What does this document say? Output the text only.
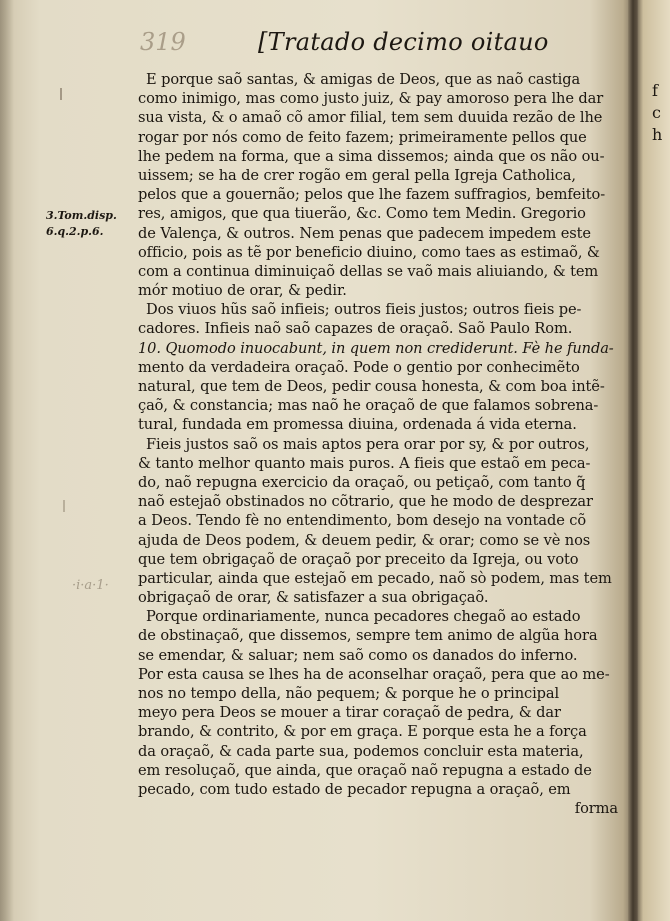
·i·a·1·
319	[Tratado decimo oitauo
3.Tom.disp.
6.q.2.p.6.
f
c
h
E porque saõ santas, & amigas de Deos, que as naõ castiga
como inimigo, mas como justo juiz, & pay amoroso pera lhe dar
sua vista, & o amaõ cõ amor filial, tem sem duuida rezão de lhe
rogar por nós como de feito fazem; primeiramente pellos que
lhe pedem na forma, que a sima dissemos; ainda que os não ou-
uissem; se ha de crer rogão em geral pella Igreja Catholica,
pelos que a gouernão; pelos que lhe fazem suffragios, bemfeito-
res, amigos, que qua tiuerão, &c. Como tem Medin. Gregorio
de Valença, & outros. Nem penas que padecem impedem este
officio, pois as tẽ por beneficio diuino, como taes as estimaõ, &
com a continua diminuiçaõ dellas se vaõ mais aliuiando, & tem
mór motiuo de orar, & pedir.
Dos viuos hũs saõ infieis; outros fieis justos; outros fieis pe-
cadores. Infieis naõ saõ capazes de oraçaõ. Saõ Paulo Rom.
10. Quomodo inuocabunt, in quem non crediderunt. Fè he funda-
mento da verdadeira oraçaõ. Pode o gentio por conhecimẽto
natural, que tem de Deos, pedir cousa honesta, & com boa intẽ-
çaõ, & constancia; mas naõ he oraçaõ de que falamos sobrena-
tural, fundada em promessa diuina, ordenada á vida eterna.
Fieis justos saõ os mais aptos pera orar por sy, & por outros,
& tanto melhor quanto mais puros. A fieis que estaõ em peca-
do, naõ repugna exercicio da oraçaõ, ou petiçaõ, com tanto q̃
naõ estejaõ obstinados no cõtrario, que he modo de desprezar
a Deos. Tendo fè no entendimento, bom desejo na vontade cõ
ajuda de Deos podem, & deuem pedir, & orar; como se vè nos
que tem obrigaçaõ de oraçaõ por preceito da Igreja, ou voto
particular, ainda que estejaõ em pecado, naõ sò podem, mas tem
obrigaçaõ de orar, & satisfazer a sua obrigaçaõ.
Porque ordinariamente, nunca pecadores chegaõ ao estado
de obstinaçaõ, que dissemos, sempre tem animo de algũa hora
se emendar, & saluar; nem saõ como os danados do inferno.
Por esta causa se lhes ha de aconselhar oraçaõ, pera que ao me-
nos no tempo della, não pequem; & porque he o principal
meyo pera Deos se mouer a tirar coraçaõ de pedra, & dar
brando, & contrito, & por em graça. E porque esta he a força
da oraçaõ, & cada parte sua, podemos concluir esta materia,
em resoluçaõ, que ainda, que oraçaõ naõ repugna a estado de
pecado, com tudo estado de pecador repugna a oraçaõ, em
forma
